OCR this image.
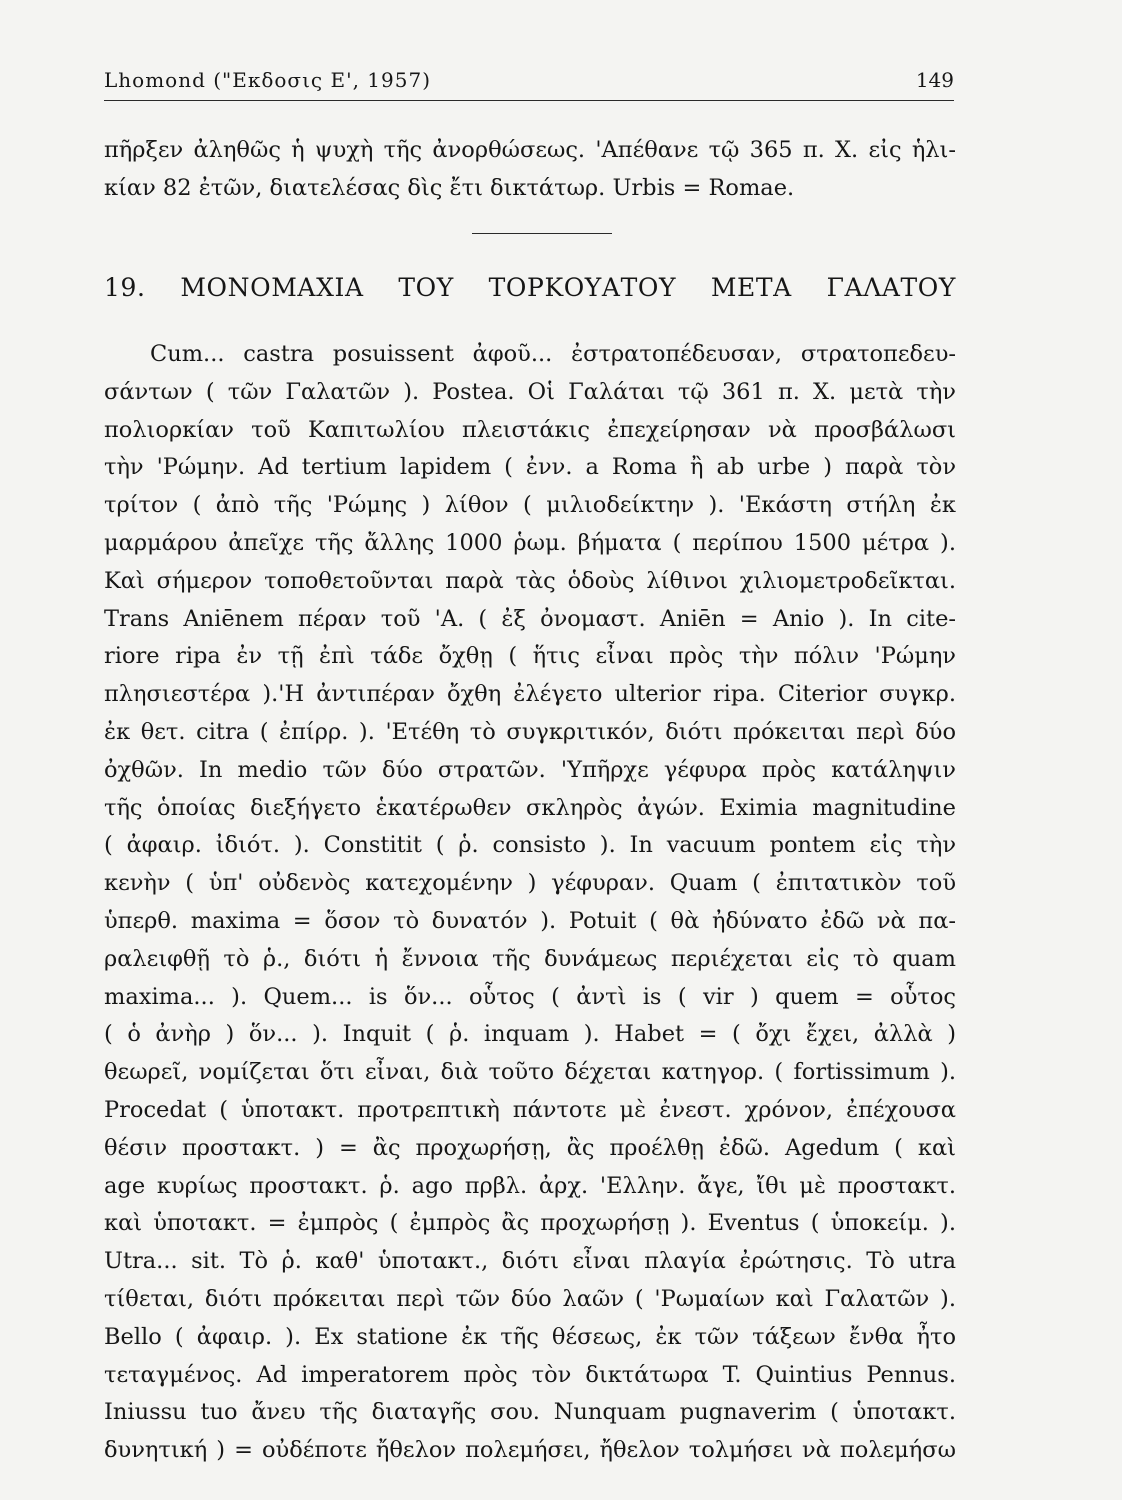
Lhomond ("Εκδοσις Ε', 1957)	149
πῆρξεν ἀληθῶς ἡ ψυχὴ τῆς ἀνορθώσεως. 'Απέθανε τῷ 365 π. Χ. εἰς ἡλι-
κίαν 82 ἐτῶν, διατελέσας δὶς ἔτι δικτάτωρ. Urbis = Romae.
19. ΜΟΝΟΜΑΧΙΑ ΤΟΥ ΤΟΡΚΟΥΑΤΟΥ ΜΕΤΑ ΓΑΛΑΤΟΥ
Cum... castra posuissent ἀφοῦ... ἐστρατοπέδευσαν, στρατοπεδευ-
σάντων ( τῶν Γαλατῶν ). Postea. Οἱ Γαλάται τῷ 361 π. Χ. μετὰ τὴν
πολιορκίαν τοῦ Καπιτωλίου πλειστάκις ἐπεχείρησαν νὰ προσβάλωσι
τὴν 'Ρώμην. Ad tertium lapidem ( ἐνν. a Roma ἢ ab urbe ) παρὰ τὸν
τρίτον ( ἀπὸ τῆς 'Ρώμης ) λίθον ( μιλιοδείκτην ). 'Εκάστη στήλη ἐκ
μαρμάρου ἀπεῖχε τῆς ἄλλης 1000 ῥωμ. βήματα ( περίπου 1500 μέτρα ).
Καὶ σήμερον τοποθετοῦνται παρὰ τὰς ὁδοὺς λίθινοι χιλιομετροδεῖκται.
Trans Aniēnem πέραν τοῦ 'Α. ( ἐξ ὀνομαστ. Aniēn = Anio ). In cite-
riore ripa ἐν τῇ ἐπὶ τάδε ὄχθῃ ( ἥτις εἶναι πρὸς τὴν πόλιν 'Ρώμην
πλησιεστέρα ).'Η ἀντιπέραν ὄχθη ἐλέγετο ulterior ripa. Citerior συγκρ.
ἐκ θετ. citra ( ἐπίρρ. ). 'Ετέθη τὸ συγκριτικόν, διότι πρόκειται περὶ δύο
ὀχθῶν. In medio τῶν δύο στρατῶν. 'Υπῆρχε γέφυρα πρὸς κατάληψιν
τῆς ὁποίας διεξήγετο ἑκατέρωθεν σκληρὸς ἀγών. Eximia magnitudine
( ἀφαιρ. ἰδιότ. ). Constitit ( ῥ. consisto ). In vacuum pontem εἰς τὴν
κενὴν ( ὑπ' οὐδενὸς κατεχομένην ) γέφυραν. Quam ( ἐπιτατικὸν τοῦ
ὑπερθ. maxima = ὅσον τὸ δυνατόν ). Potuit ( θὰ ἠδύνατο ἐδῶ νὰ πα-
ραλειφθῇ τὸ ῥ., διότι ἡ ἔννοια τῆς δυνάμεως περιέχεται εἰς τὸ quam
maxima... ). Quem... is ὅν... οὗτος ( ἀντὶ is ( vir ) quem = οὗτος
( ὁ ἀνὴρ ) ὅν... ). Inquit ( ῥ. inquam ). Habet = ( ὄχι ἔχει, ἀλλὰ )
θεωρεῖ, νομίζεται ὅτι εἶναι, διὰ τοῦτο δέχεται κατηγορ. ( fortissimum ).
Procedat ( ὑποτακτ. προτρεπτικὴ πάντοτε μὲ ἐνεστ. χρόνον, ἐπέχουσα
θέσιν προστακτ. ) = ἂς προχωρήσῃ, ἂς προέλθῃ ἐδῶ. Agedum ( καὶ
age κυρίως προστακτ. ῥ. ago πρβλ. ἀρχ. 'Ελλην. ἄγε, ἴθι μὲ προστακτ.
καὶ ὑποτακτ. = ἐμπρὸς ( ἐμπρὸς ἂς προχωρήσῃ ). Eventus ( ὑποκείμ. ).
Utra... sit. Τὸ ῥ. καθ' ὑποτακτ., διότι εἶναι πλαγία ἐρώτησις. Τὸ utra
τίθεται, διότι πρόκειται περὶ τῶν δύο λαῶν ( 'Ρωμαίων καὶ Γαλατῶν ).
Bello ( ἀφαιρ. ). Ex statione ἐκ τῆς θέσεως, ἐκ τῶν τάξεων ἔνθα ἦτο
τεταγμένος. Ad imperatorem πρὸς τὸν δικτάτωρα T. Quintius Pennus.
Iniussu tuo ἄνευ τῆς διαταγῆς σου. Nunquam pugnaverim ( ὑποτακτ.
δυνητική ) = οὐδέποτε ἤθελον πολεμήσει, ἤθελον τολμήσει νὰ πολεμήσω
